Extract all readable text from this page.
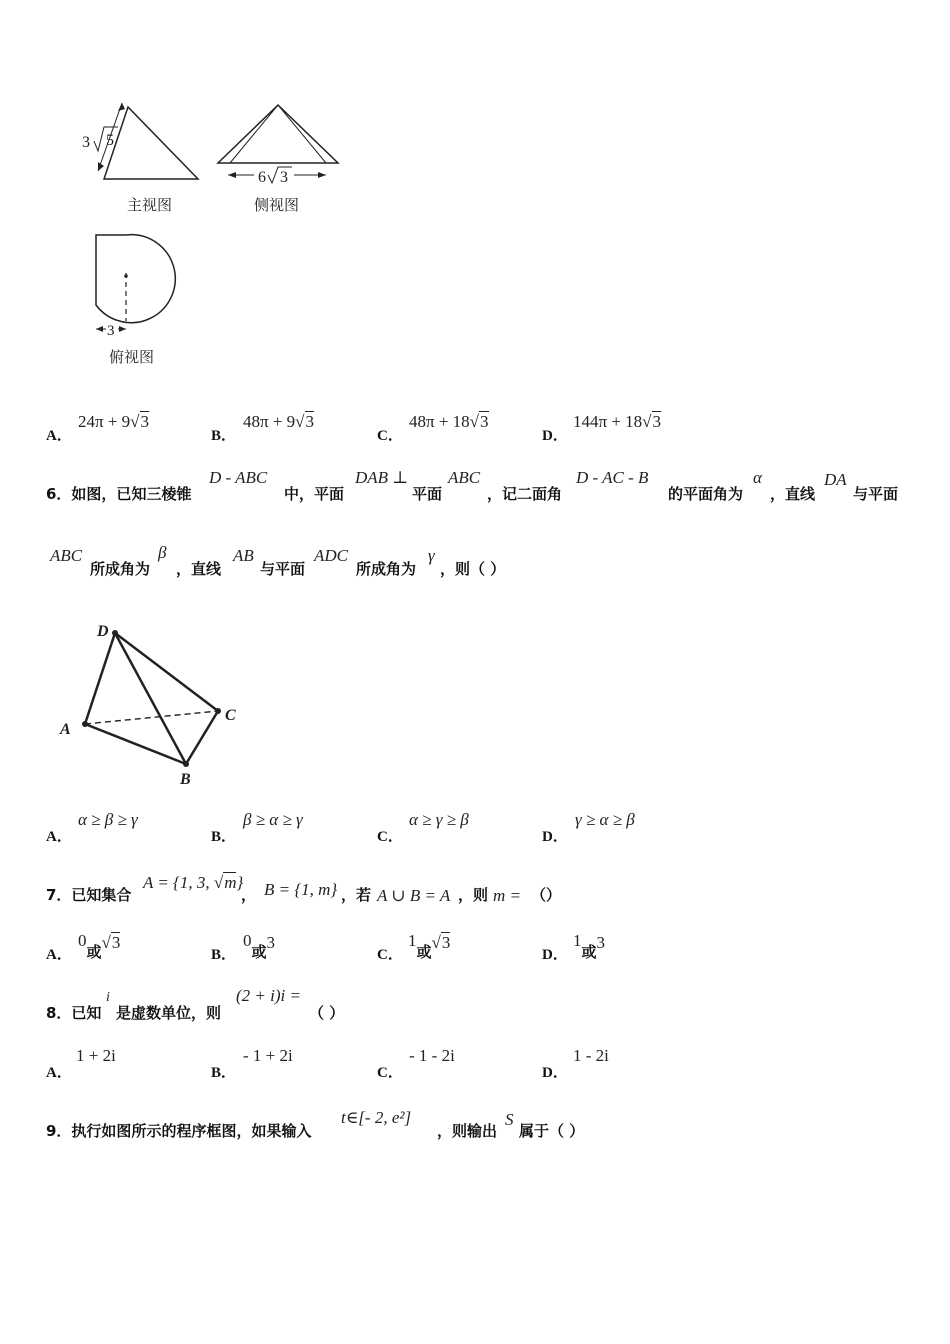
3 5
6 3
3
主视图	侧视图
俯视图
A．
24π + 9√3
B．
48π + 9√3
C．
48π + 18√3
D．
144π + 18√3
6．如图，已知三棱锥
D - ABC
中，平面
DAB ⊥
平面
ABC
，记二面角
D - AC - B
的平面角为
α
，直线
DA
与平面
ABC
所成角为
β
，直线
AB
与平面
ADC
所成角为
γ
，则（ ）
D
A
B
C
A．
α ≥ β ≥ γ
B．
β ≥ α ≥ γ
C．
α ≥ γ ≥ β
D．
γ ≥ α ≥ β
7．已知集合
A = {1, 3, √m}
， B = {1, m} ，若 A ∪ B = A ，则 m = （）
A．
0或√3
B．
0或3
C．
1或√3
D．
1或3
8．已知
i
是虚数单位，则
(2 + i)i =
（ ）
A．
1 + 2i
B．
- 1 + 2i
C．
- 1 - 2i
D．
1 - 2i
9．执行如图所示的程序框图，如果输入
t∈[- 2, e²]
，则输出
S
属于（ ）
